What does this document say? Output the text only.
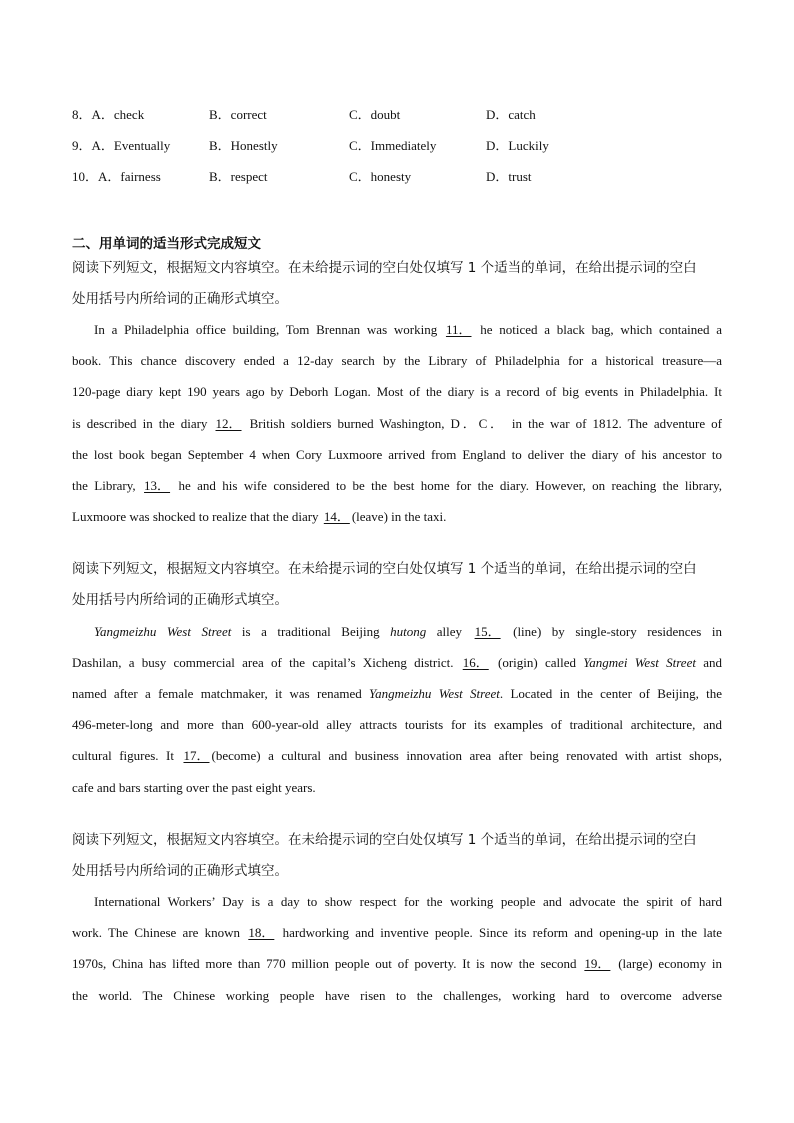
8．A．check	B．correct	C．doubt	D．catch
9．A．Eventually	B．Honestly	C．Immediately	D．Luckily
10．A．fairness	B．respect	C．honesty	D．trust
二、用单词的适当形式完成短文
阅读下列短文，根据短文内容填空。在未给提示词的空白处仅填写 1 个适当的单词，在给出提示词的空白
处用括号内所给词的正确形式填空。
In a Philadelphia office building, Tom Brennan was working 11． he noticed a black bag, which contained a
book. This chance discovery ended a 12-day search by the Library of Philadelphia for a historical treasure—a
120-page diary kept 190 years ago by Deborh Logan. Most of the diary is a record of big events in Philadelphia. It
is described in the diary 12． British soldiers burned Washington, D．C． in the war of 1812. The adventure of
the lost book began September 4 when Cory Luxmoore arrived from England to deliver the diary of his ancestor to
the Library, 13． he and his wife considered to be the best home for the diary. However, on reaching the library,
Luxmoore was shocked to realize that the diary 14． (leave) in the taxi.
阅读下列短文，根据短文内容填空。在未给提示词的空白处仅填写 1 个适当的单词，在给出提示词的空白
处用括号内所给词的正确形式填空。
Yangmeizhu West Street is a traditional Beijing hutong alley 15． (line) by single-story residences in
Dashilan, a busy commercial area of the capital’s Xicheng district. 16． (origin) called Yangmei West Street and
named after a female matchmaker, it was renamed Yangmeizhu West Street. Located in the center of Beijing, the
496-meter-long and more than 600-year-old alley attracts tourists for its examples of traditional architecture, and
cultural figures. It 17． (become) a cultural and business innovation area after being renovated with artist shops,
cafe and bars starting over the past eight years.
阅读下列短文，根据短文内容填空。在未给提示词的空白处仅填写 1 个适当的单词，在给出提示词的空白
处用括号内所给词的正确形式填空。
International Workers’ Day is a day to show respect for the working people and advocate the spirit of hard
work. The Chinese are known 18． hardworking and inventive people. Since its reform and opening-up in the late
1970s, China has lifted more than 770 million people out of poverty. It is now the second 19． (large) economy in
the world. The Chinese working people have risen to the challenges, working hard to overcome adverse
